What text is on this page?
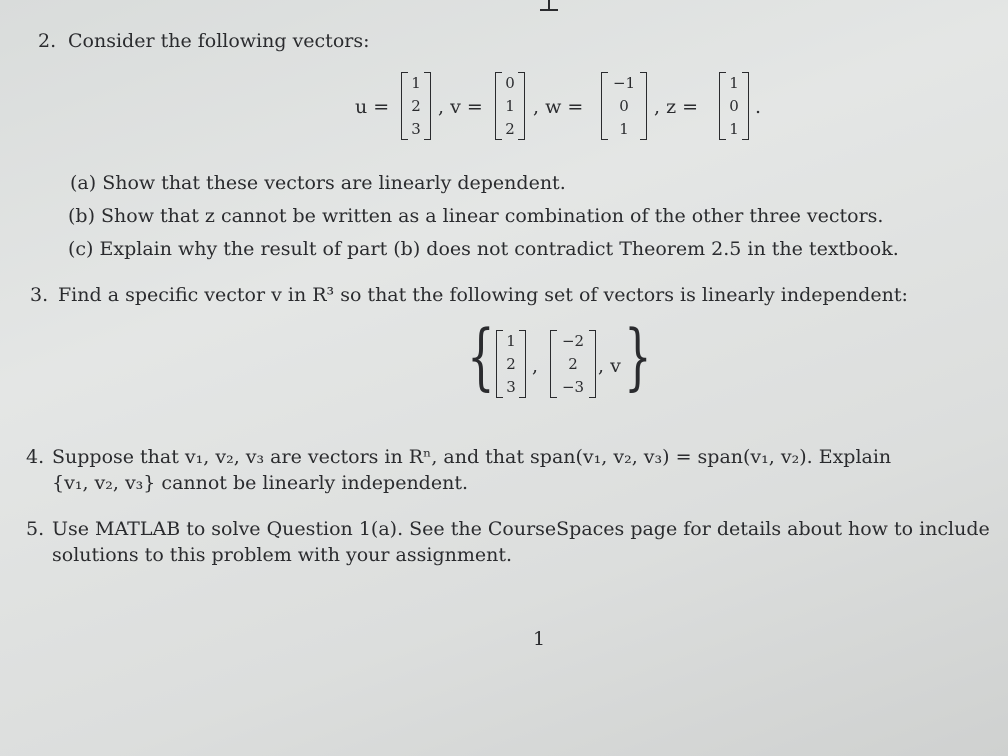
2. Consider the following vectors:
u =
1
2
3
, v =
0
1
2
, w =
−1
0
1
, z =
1
0
1
.
(a) Show that these vectors are linearly dependent.
(b) Show that z cannot be written as a linear combination of the other three vectors.
(c) Explain why the result of part (b) does not contradict Theorem 2.5 in the textbook.
3. Find a specific vector v in R³ so that the following set of vectors is linearly independent:
{ 1
2
3
,
−2
2
−3
, v }
4. Suppose that v₁, v₂, v₃ are vectors in Rⁿ, and that span(v₁, v₂, v₃) = span(v₁, v₂). Explain
{v₁, v₂, v₃} cannot be linearly independent.
5. Use MATLAB to solve Question 1(a). See the CourseSpaces page for details about how to include
solutions to this problem with your assignment.
1
